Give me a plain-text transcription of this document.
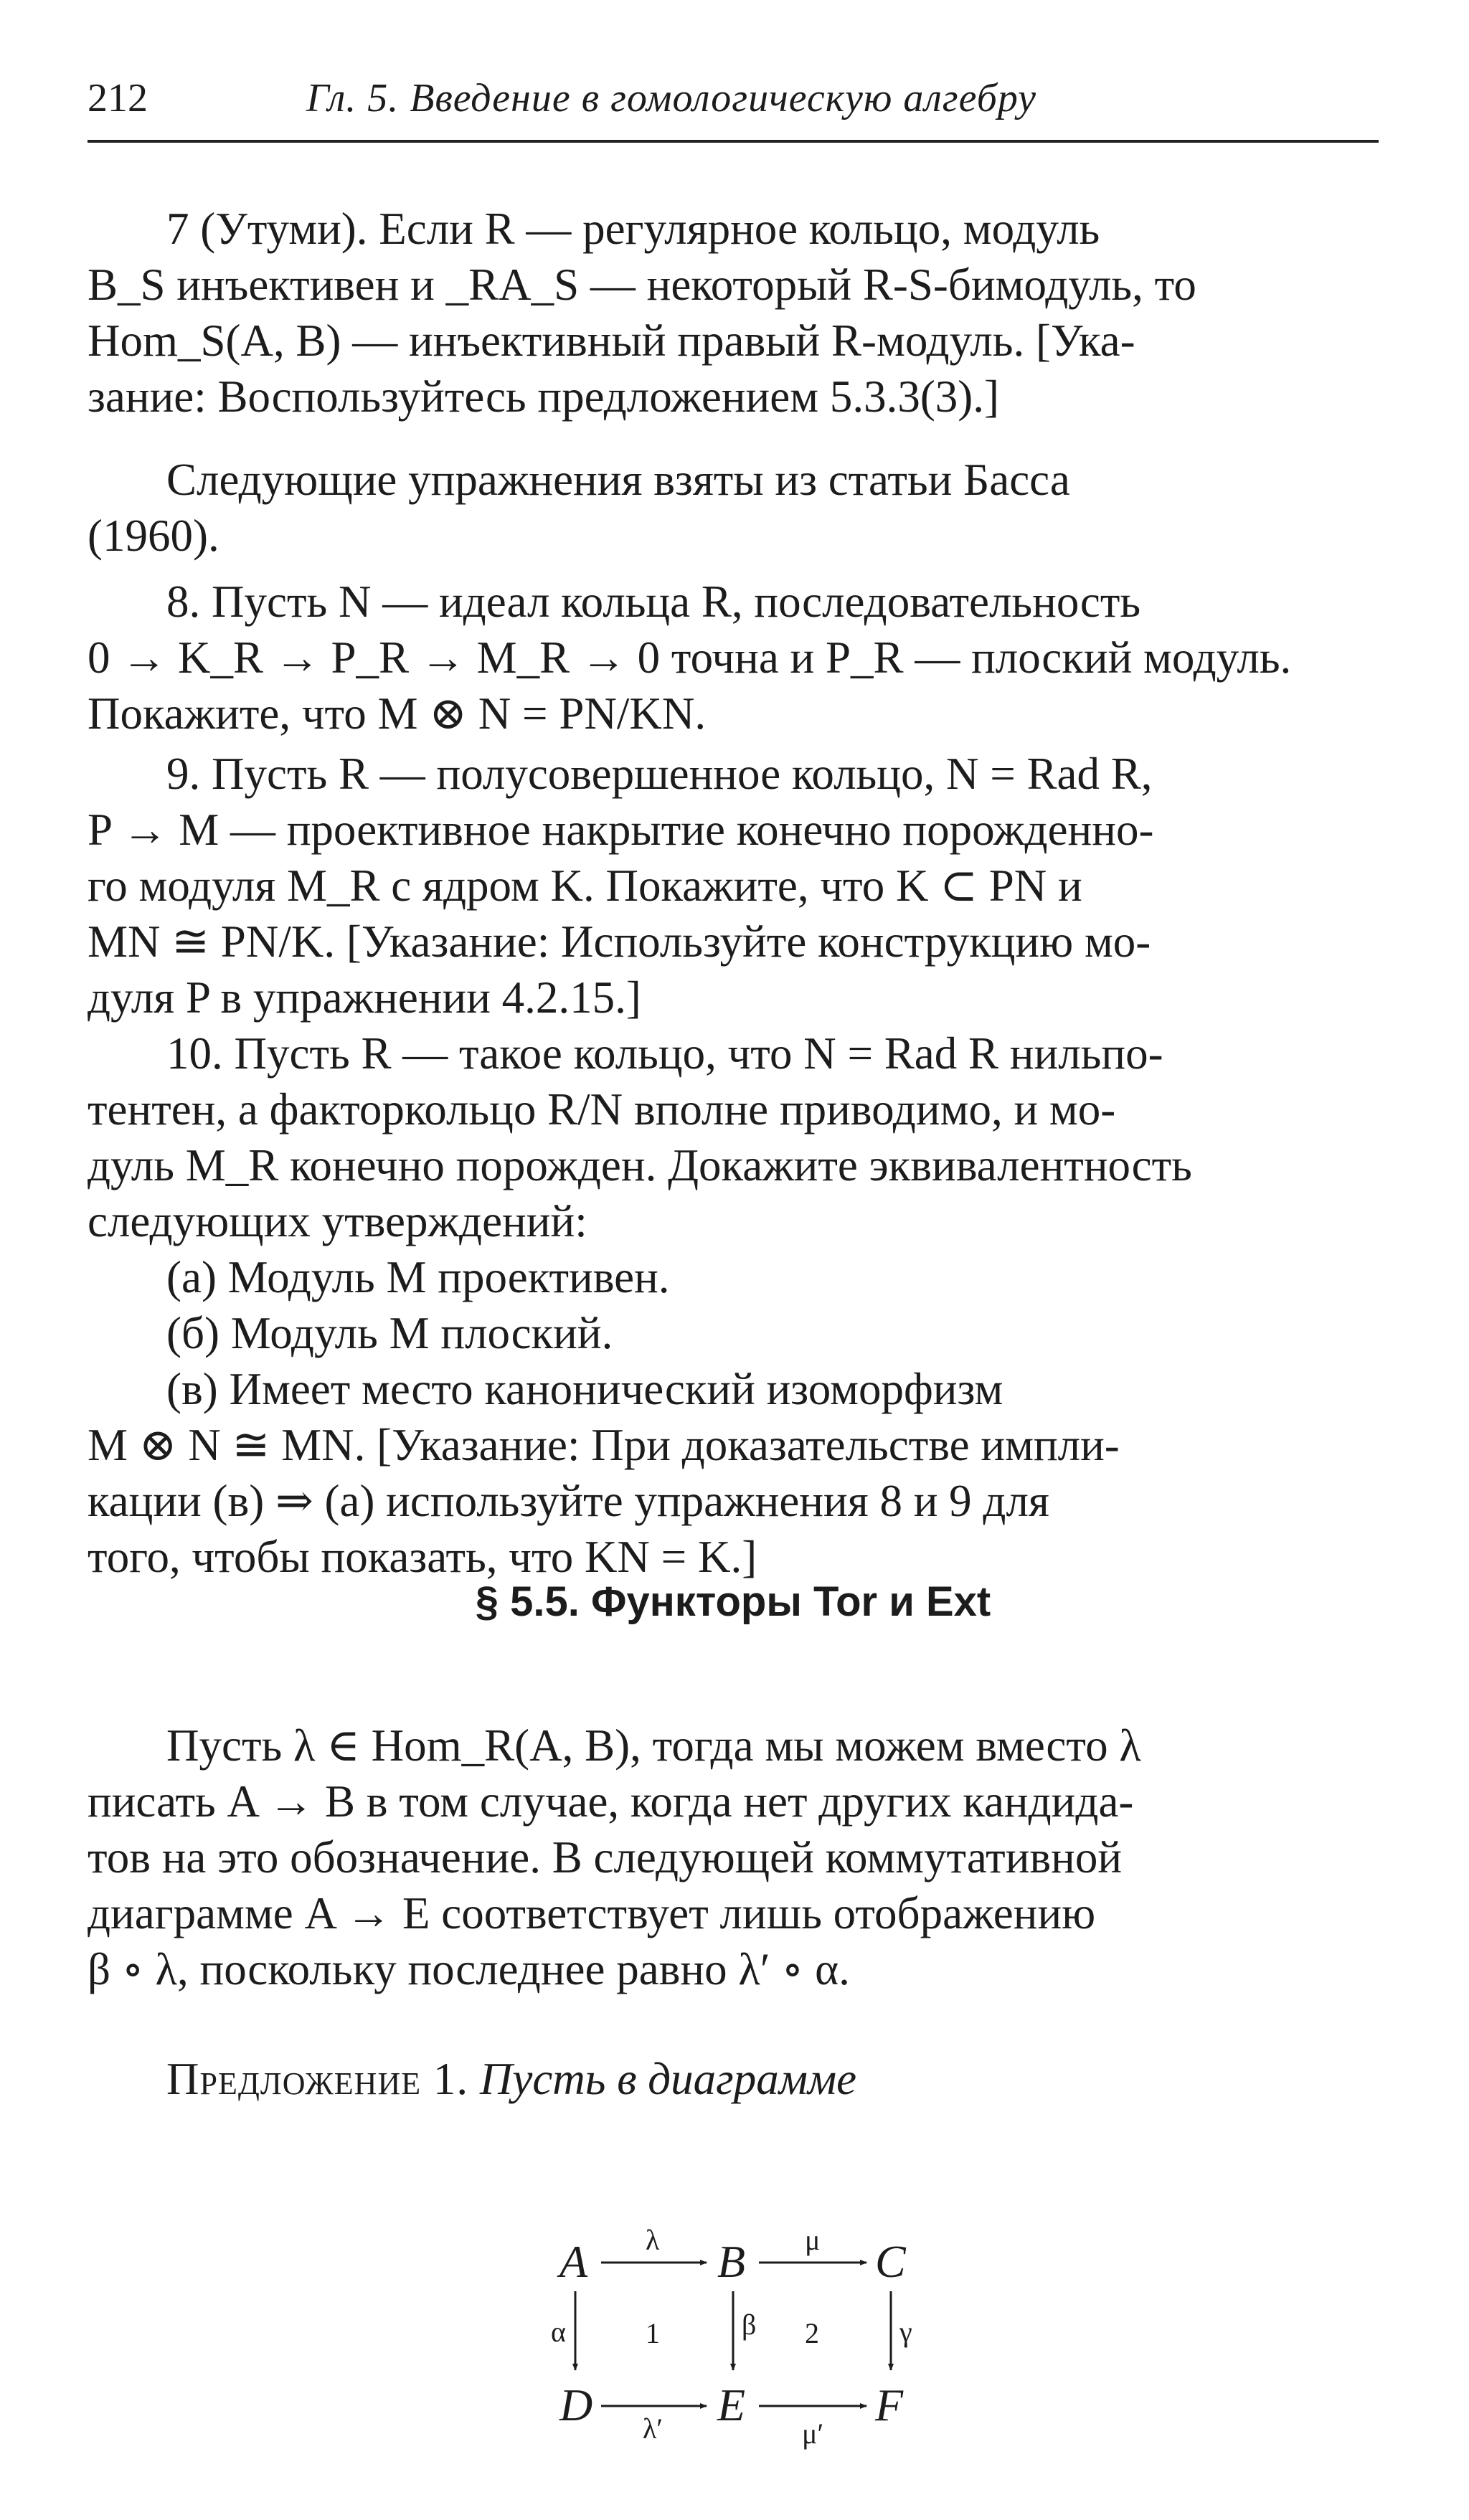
212	Гл. 5. Введение в гомологическую алгебру
7 (Утуми). Если R — регулярное кольцо, модуль
B_S инъективен и _RA_S — некоторый R-S-бимодуль, то
Hom_S(A, B) — инъективный правый R-модуль. [Ука-
зание: Воспользуйтесь предложением 5.3.3(3).]
Следующие упражнения взяты из статьи Басса
(1960).
8. Пусть N — идеал кольца R, последовательность
0 → K_R → P_R → M_R → 0 точна и P_R — плоский модуль.
Покажите, что M ⊗ N = PN/KN.
9. Пусть R — полусовершенное кольцо, N = Rad R,
P → M — проективное накрытие конечно порожденно-
го модуля M_R с ядром K. Покажите, что K ⊂ PN и
MN ≅ PN/K. [Указание: Используйте конструкцию мо-
дуля P в упражнении 4.2.15.]
10. Пусть R — такое кольцо, что N = Rad R нильпо-
тентен, а факторкольцо R/N вполне приводимо, и мо-
дуль M_R конечно порожден. Докажите эквивалентность
следующих утверждений:
(а) Модуль M проективен.
(б) Модуль M плоский.
(в) Имеет место канонический изоморфизм
M ⊗ N ≅ MN. [Указание: При доказательстве импли-
кации (в) ⇒ (а) используйте упражнения 8 и 9 для
того, чтобы показать, что KN = K.]
§ 5.5. Функторы Tor и Ext
Пусть λ ∈ Hom_R(A, B), тогда мы можем вместо λ
писать A → B в том случае, когда нет других кандида-
тов на это обозначение. В следующей коммутативной
диаграмме A → E соответствует лишь отображению
β ∘ λ, поскольку последнее равно λ′ ∘ α.
Предложение 1. Пусть в диаграмме
A	B	C
D	E	F
λ	μ
λ′	μ′
α	β	γ
1	2
